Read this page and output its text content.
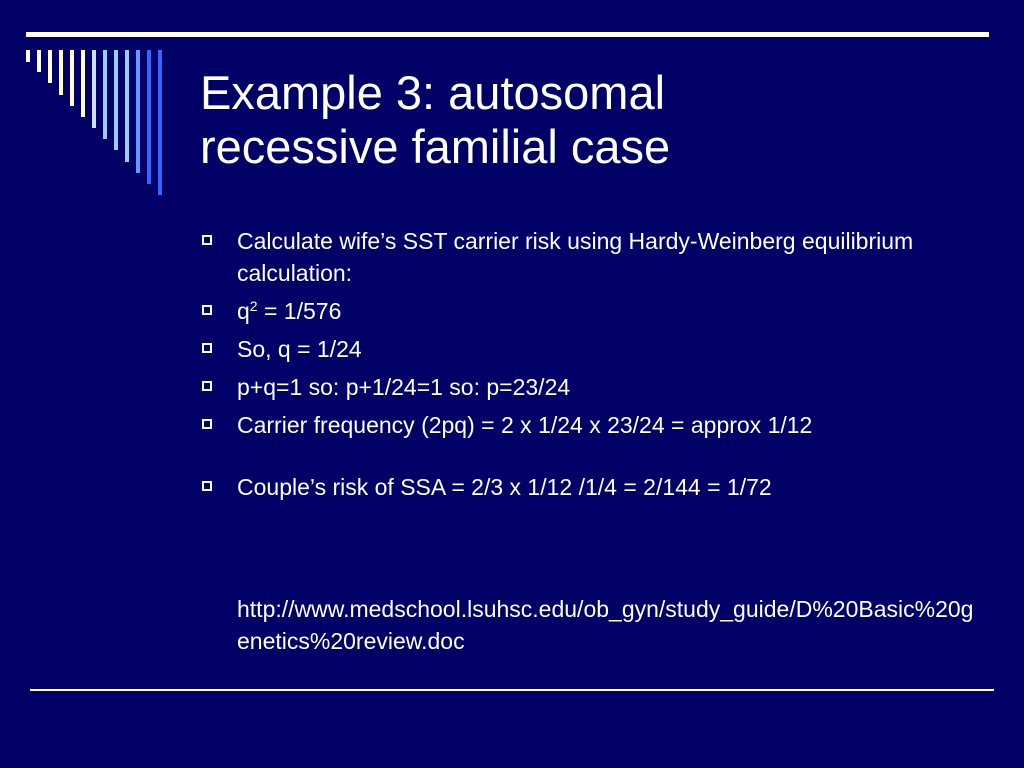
Example 3: autosomal
recessive familial case
Calculate wife’s SST carrier risk using Hardy-Weinberg equilibrium calculation:
$q^2 = 1/576$
So, q = 1/24
p+q=1 so: p+1/24=1 so: p=23/24
Carrier frequency (2pq) = 2 x 1/24 x 23/24 = approx 1/12
Couple’s risk of SSA = 2/3 x 1/12 /1/4 = 2/144 = 1/72
http://www.medschool.lsuhsc.edu/ob_gyn/study_guide/D%20Basic%20genetics%20review.doc
